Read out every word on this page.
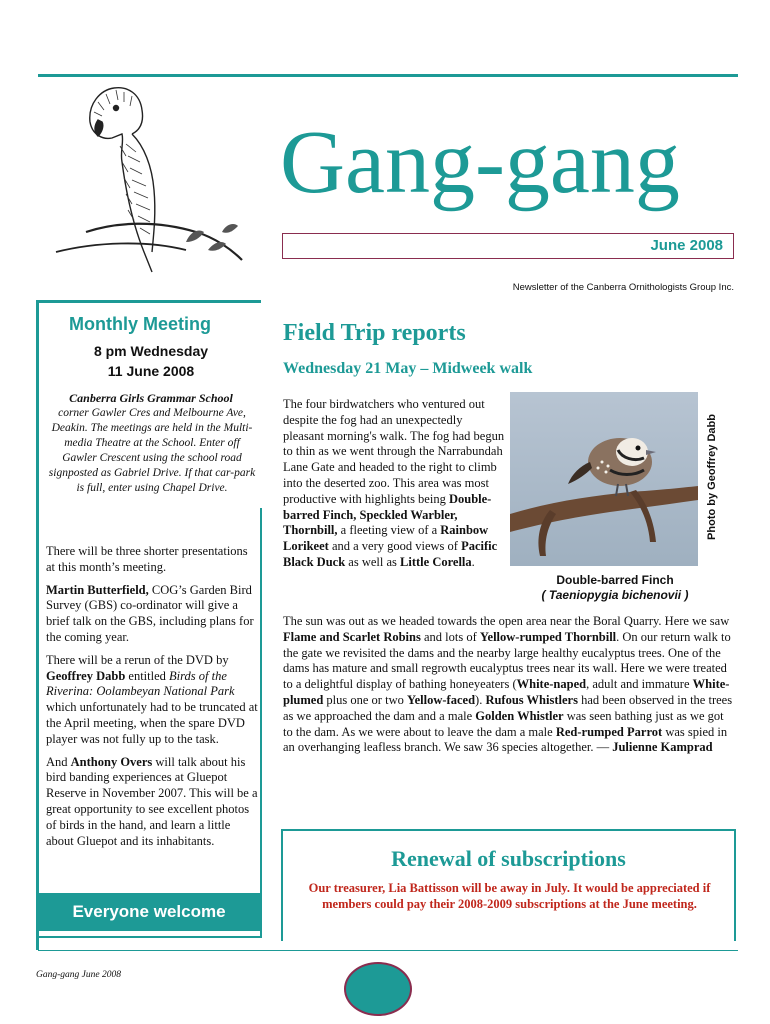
Gang-gang
June 2008
Newsletter of the Canberra Ornithologists Group Inc.
Monthly Meeting
8 pm Wednesday
11 June 2008
Canberra Girls Grammar School
corner Gawler Cres and Melbourne Ave, Deakin. The meetings are held in the Multi-media Theatre at the School. Enter off Gawler Crescent using the school road signposted as Gabriel Drive. If that car-park is full, enter using Chapel Drive.

There will be three shorter presentations at this month’s meeting.

Martin Butterfield, COG’s Garden Bird Survey (GBS) co-ordinator will give a brief talk on the GBS, including plans for the coming year.

There will be a rerun of the DVD by Geoffrey Dabb entitled Birds of the Riverina: Oolambeyan National Park which unfortunately had to be truncated at the April meeting, when the spare DVD player was not fully up to the task.

And Anthony Overs will talk about his bird banding experiences at Gluepot Reserve in November 2007. This will be a great opportunity to see excellent photos of birds in the hand, and learn a little about Gluepot and its inhabitants.

Everyone welcome
Field Trip reports
Wednesday 21 May – Midweek walk
The four birdwatchers who ventured out despite the fog had an unexpectedly pleasant morning's walk. The fog had begun to thin as we went through the Narrabundah Lane Gate and headed to the right to climb into the deserted zoo. This area was most productive with highlights being Double-barred Finch, Speckled Warbler, Thornbill, a fleeting view of a Rainbow Lorikeet and a very good views of Pacific Black Duck as well as Little Corella.
Photo by Geoffrey Dabb
Double-barred Finch
( Taeniopygia bichenovii )
The sun was out as we headed towards the open area near the Boral Quarry. Here we saw Flame and Scarlet Robins and lots of Yellow-rumped Thornbill. On our return walk to the gate we revisited the dams and the nearby large healthy eucalyptus trees. One of the dams has mature and small regrowth eucalyptus trees near its wall. Here we were treated to a delightful display of bathing honeyeaters (White-naped, adult and immature White-plumed plus one or two Yellow-faced). Rufous Whistlers had been observed in the trees as we approached the dam and a male Golden Whistler was seen bathing just as we got to the dam. As we were about to leave the dam a male Red-rumped Parrot was spied in an overhanging leafless branch. We saw 36 species altogether. — Julienne Kamprad
Renewal of subscriptions
Our treasurer, Lia Battisson will be away in July. It would be appreciated if members could pay their 2008-2009 subscriptions at the June meeting.
Gang-gang June 2008
